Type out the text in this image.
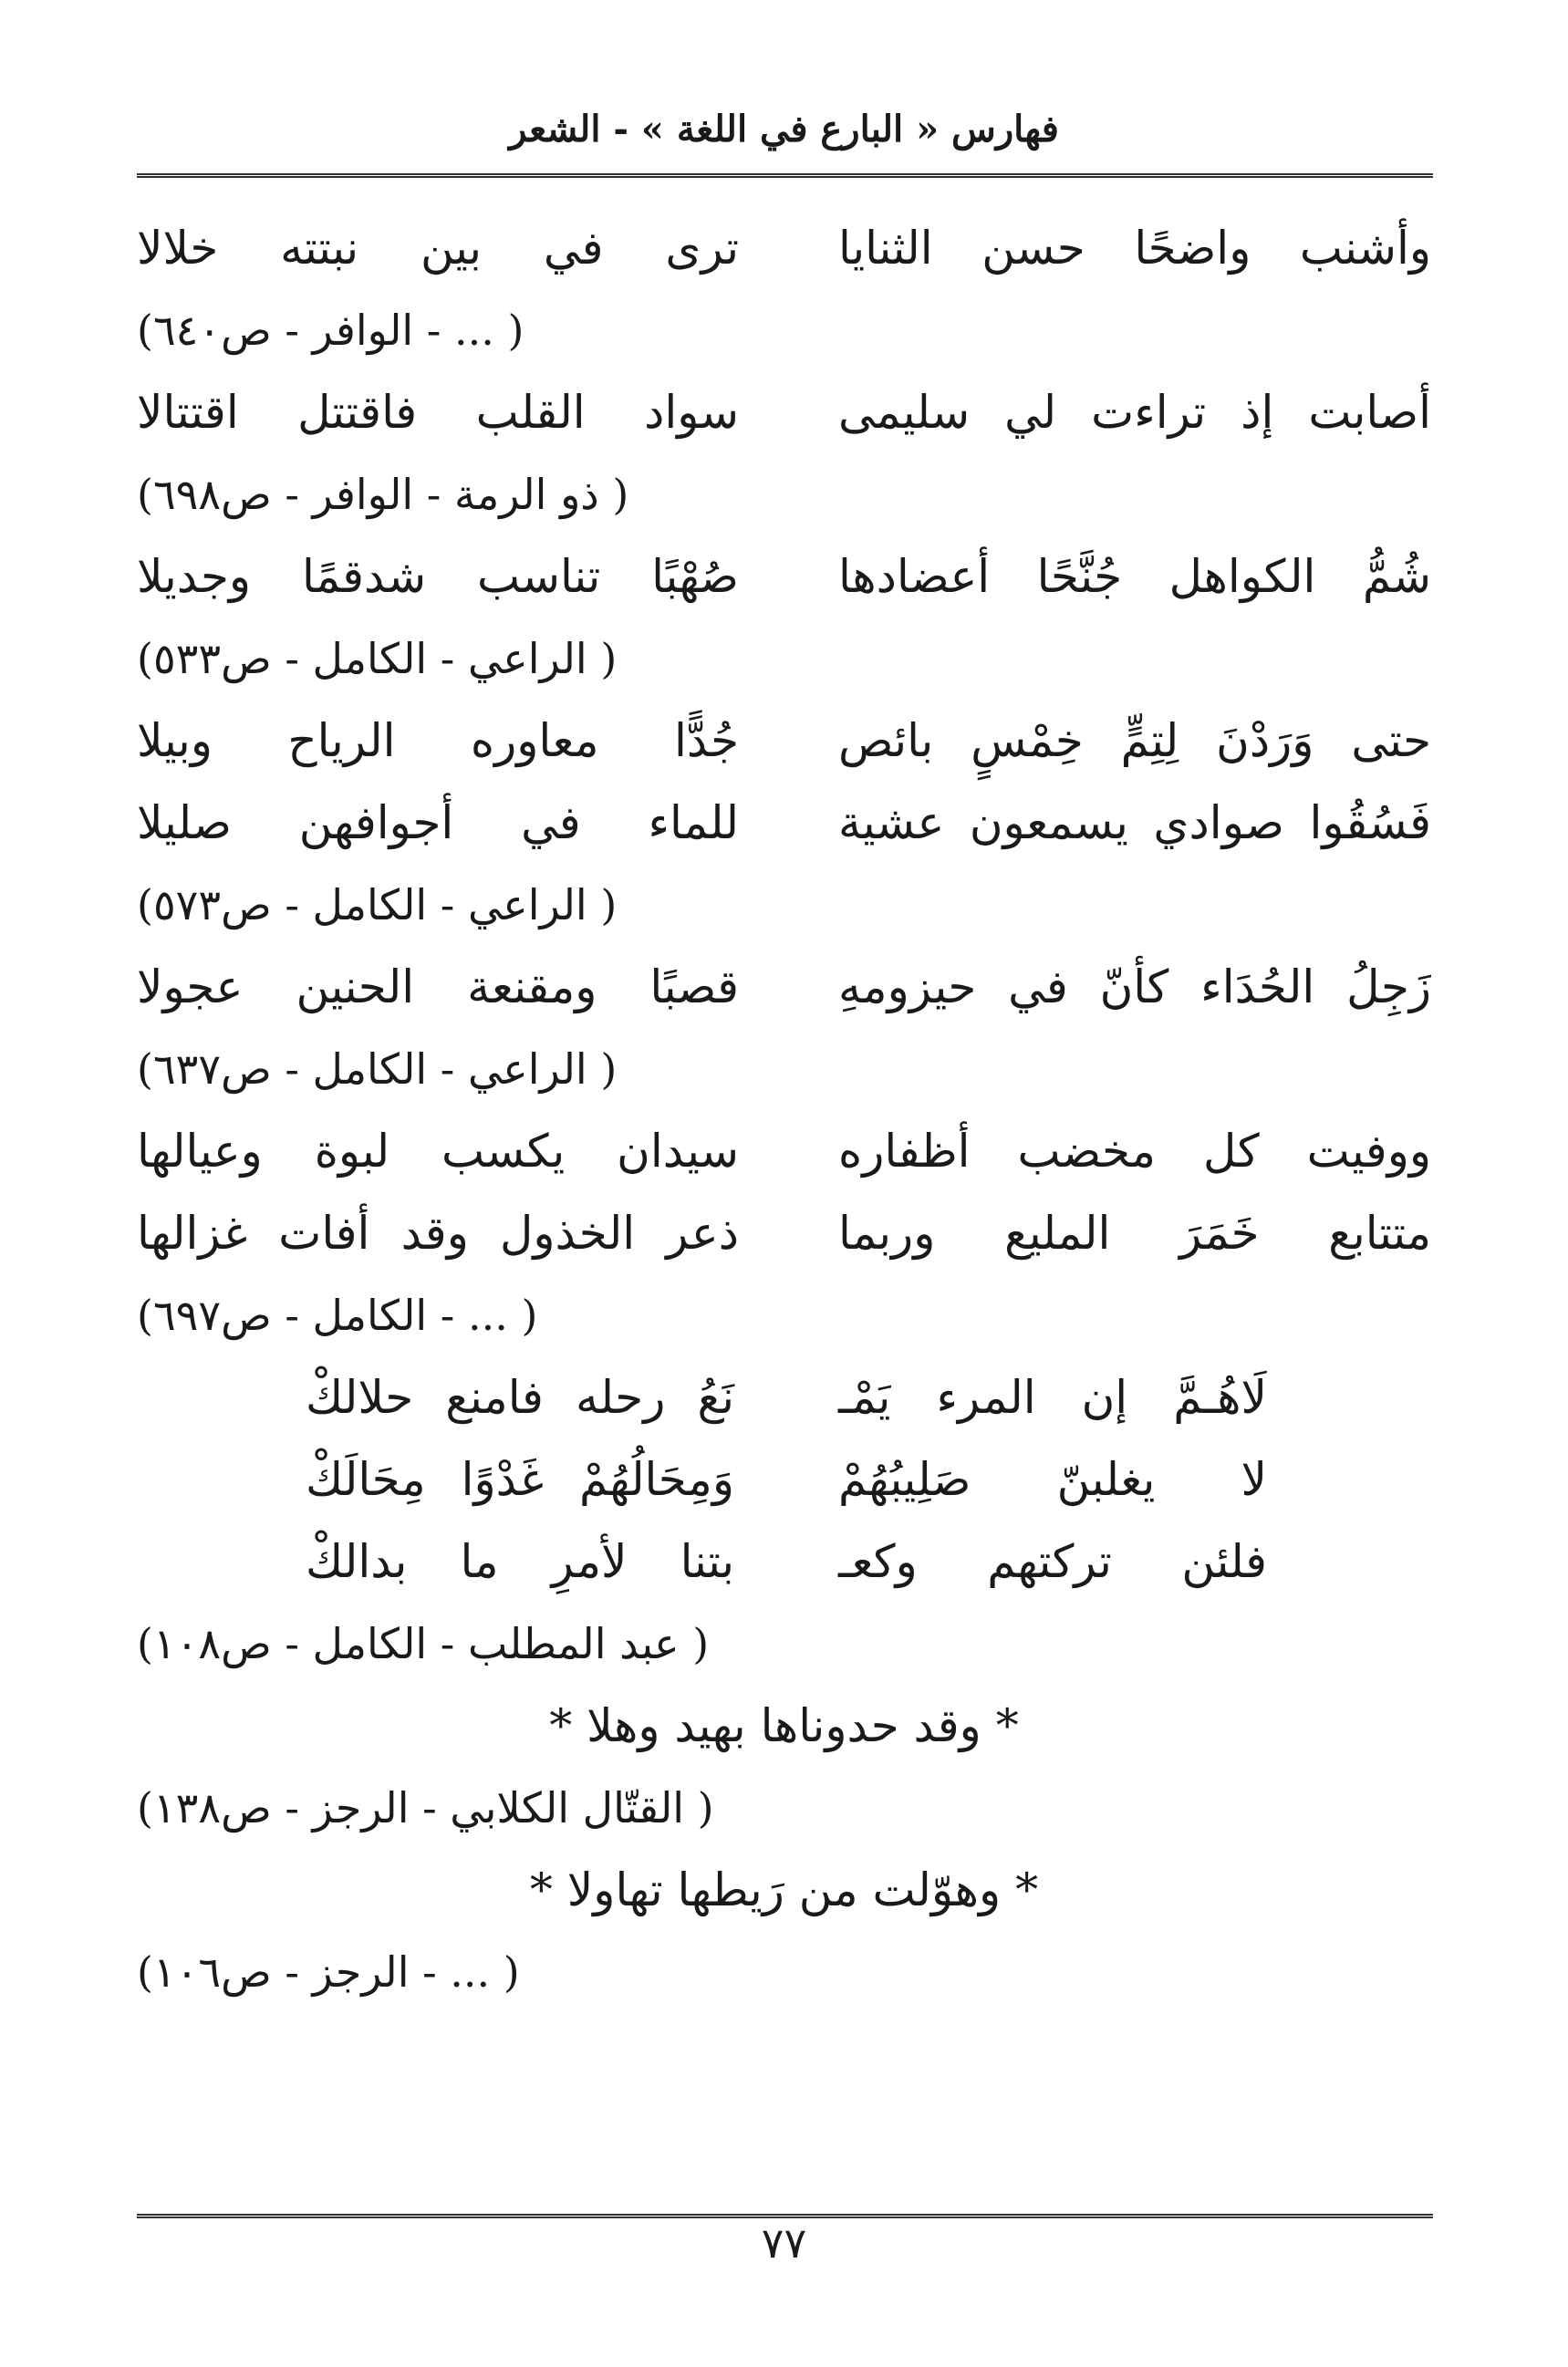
فهارس « البارع في اللغة » - الشعر
وأشنب واضحًا حسن الثنايا
ترى في بين نبتته خلالا
( ... - الوافر - ص٦٤٠)
أصابت إذ تراءت لي سليمى
سواد القلب فاقتتل اقتتالا
( ذو الرمة - الوافر - ص٦٩٨)
شُمُّ الكواهل جُنَّحًا أعضادها
صُهْبًا تناسب شدقمًا وجديلا
( الراعي - الكامل - ص٥٣٣)
حتى وَرَدْنَ لِتِمٍّ خِمْسٍ بائص
جُدًّا معاوره الرياح وبيلا
فَسُقُوا صوادي يسمعون عشية
للماء في أجوافهن صليلا
( الراعي - الكامل - ص٥٧٣)
زَجِلُ الحُدَاء كأنّ في حيزومهِ
قصبًا ومقنعة الحنين عجولا
( الراعي - الكامل - ص٦٣٧)
ووفيت كل مخضب أظفاره
سيدان يكسب لبوة وعيالها
متتابع خَمَرَ المليع وربما
ذعر الخذول وقد أفات غزالها
( ... - الكامل - ص٦٩٧)
لَاهُـمَّ إن المرء يَمْـ
نَعُ رحله فامنع حلالكْ
لا يغلبنّ صَلِيبُهُمْ
وَمِحَالُهُمْ غَدْوًا مِحَالَكْ
فلئن تركتهم وكعـ
بتنا لأمرِ ما بدالكْ
( عبد المطلب - الكامل - ص١٠٨)
* وقد حدوناها بهيد وهلا *
( القتّال الكلابي - الرجز - ص١٣٨)
* وهوّلت من رَيطها تهاولا *
( ... - الرجز - ص١٠٦)
٧٧
